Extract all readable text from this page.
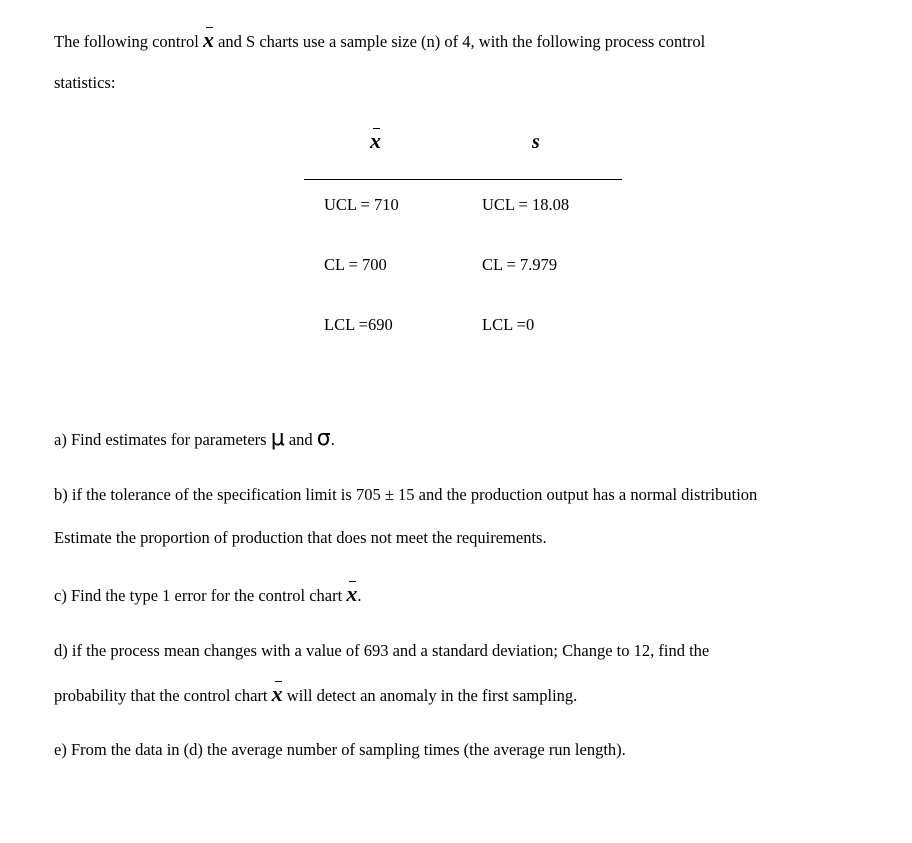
The following control x and S charts use a sample size (n) of 4, with the following process control
statistics:
x	s
UCL = 710	UCL = 18.08
CL = 700	CL = 7.979
LCL =690	LCL =0
a) Find estimates for parameters μ and σ.
b) if the tolerance of the specification limit is 705 ± 15 and the production output has a normal distribution
Estimate the proportion of production that does not meet the requirements.
c) Find the type 1 error for the control chart x.
d) if the process mean changes with a value of 693 and a standard deviation; Change to 12, find the
probability that the control chart x will detect an anomaly in the first sampling.
e) From the data in (d) the average number of sampling times (the average run length).
